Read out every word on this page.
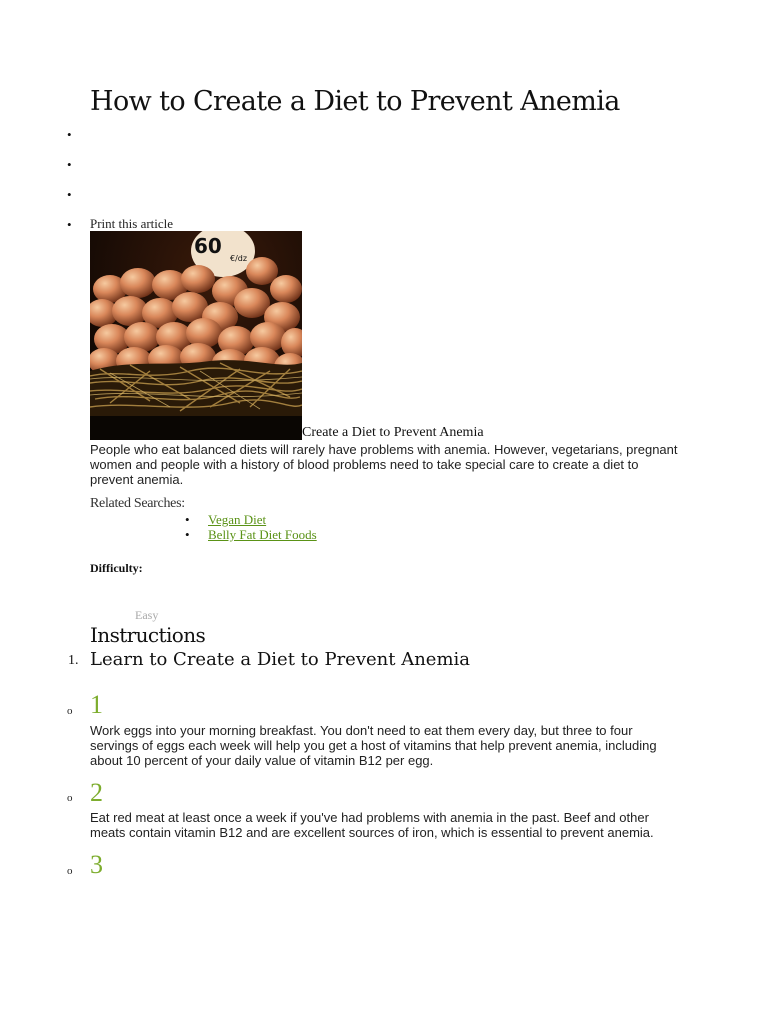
How to Create a Diet to Prevent Anemia
•
•
•
• Print this article
60
€/dz
Create a Diet to Prevent Anemia
People who eat balanced diets will rarely have problems with anemia. However, vegetarians, pregnant women and people with a history of blood problems need to take special care to create a diet to prevent anemia.
Related Searches:
• Vegan Diet
• Belly Fat Diet Foods
Difficulty:
Easy
Instructions
1. Learn to Create a Diet to Prevent Anemia
o 1
Work eggs into your morning breakfast. You don't need to eat them every day, but three to four servings of eggs each week will help you get a host of vitamins that help prevent anemia, including about 10 percent of your daily value of vitamin B12 per egg.
o 2
Eat red meat at least once a week if you've had problems with anemia in the past. Beef and other meats contain vitamin B12 and are excellent sources of iron, which is essential to prevent anemia.
o 3
